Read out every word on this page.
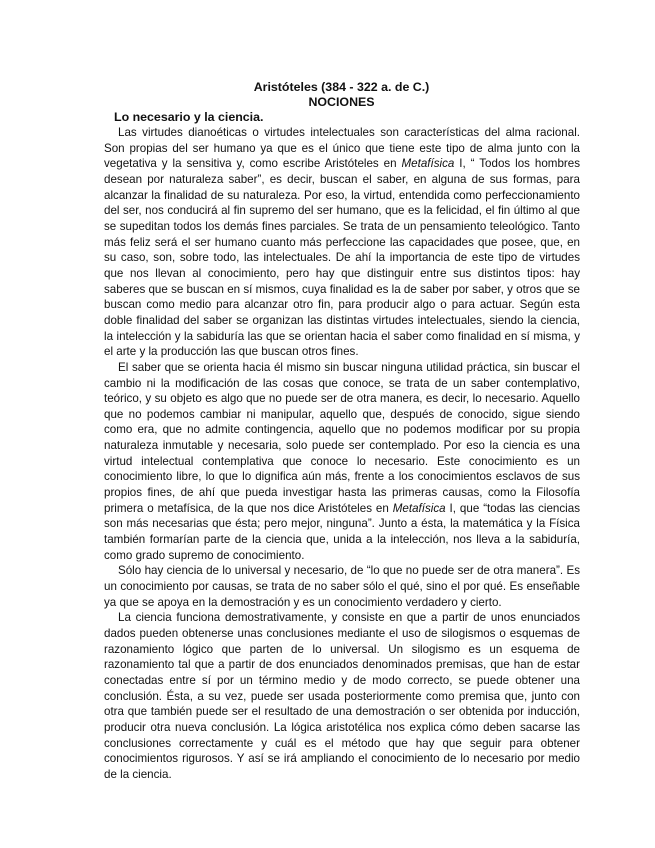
Aristóteles (384 - 322 a. de C.)
NOCIONES
Lo necesario y la ciencia.

Las virtudes dianoéticas o virtudes intelectuales son características del alma racional. Son propias del ser humano ya que es el único que tiene este tipo de alma junto con la vegetativa y la sensitiva y, como escribe Aristóteles en Metafísica I, “ Todos los hombres desean por naturaleza saber”, es decir, buscan el saber, en alguna de sus formas, para alcanzar la finalidad de su naturaleza. Por eso, la virtud, entendida como perfeccionamiento del ser, nos conducirá al fin supremo del ser humano, que es la felicidad, el fin último al que se supeditan todos los demás fines parciales. Se trata de un pensamiento teleológico. Tanto más feliz será el ser humano cuanto más perfeccione las capacidades que posee, que, en su caso, son, sobre todo, las intelectuales. De ahí la importancia de este tipo de virtudes que nos llevan al conocimiento, pero hay que distinguir entre sus distintos tipos: hay saberes que se buscan en sí mismos, cuya finalidad es la de saber por saber, y otros que se buscan como medio para alcanzar otro fin, para producir algo o para actuar. Según esta doble finalidad del saber se organizan las distintas virtudes intelectuales, siendo la ciencia, la intelección y la sabiduría las que se orientan hacia el saber como finalidad en sí misma, y el arte y la producción las que buscan otros fines.

El saber que se orienta hacia él mismo sin buscar ninguna utilidad práctica, sin buscar el cambio ni la modificación de las cosas que conoce, se trata de un saber contemplativo, teórico, y su objeto es algo que no puede ser de otra manera, es decir, lo necesario. Aquello que no podemos cambiar ni manipular, aquello que, después de conocido, sigue siendo como era, que no admite contingencia, aquello que no podemos modificar por su propia naturaleza inmutable y necesaria, solo puede ser contemplado. Por eso la ciencia es una virtud intelectual contemplativa que conoce lo necesario. Este conocimiento es un conocimiento libre, lo que lo dignifica aún más, frente a los conocimientos esclavos de sus propios fines, de ahí que pueda investigar hasta las primeras causas, como la Filosofía primera o metafísica, de la que nos dice Aristóteles en Metafísica I, que “todas las ciencias son más necesarias que ésta; pero mejor, ninguna”. Junto a ésta, la matemática y la Física también formarían parte de la ciencia que, unida a la intelección, nos lleva a la sabiduría, como grado supremo de conocimiento.

Sólo hay ciencia de lo universal y necesario, de “lo que no puede ser de otra manera”. Es un conocimiento por causas, se trata de no saber sólo el qué, sino el por qué. Es enseñable ya que se apoya en la demostración y es un conocimiento verdadero y cierto.

La ciencia funciona demostrativamente, y consiste en que a partir de unos enunciados dados pueden obtenerse unas conclusiones mediante el uso de silogismos o esquemas de razonamiento lógico que parten de lo universal. Un silogismo es un esquema de razonamiento tal que a partir de dos enunciados denominados premisas, que han de estar conectadas entre sí por un término medio y de modo correcto, se puede obtener una conclusión. Ésta, a su vez, puede ser usada posteriormente como premisa que, junto con otra que también puede ser el resultado de una demostración o ser obtenida por inducción, producir otra nueva conclusión. La lógica aristotélica nos explica cómo deben sacarse las conclusiones correctamente y cuál es el método que hay que seguir para obtener conocimientos rigurosos. Y así se irá ampliando el conocimiento de lo necesario por medio de la ciencia.
